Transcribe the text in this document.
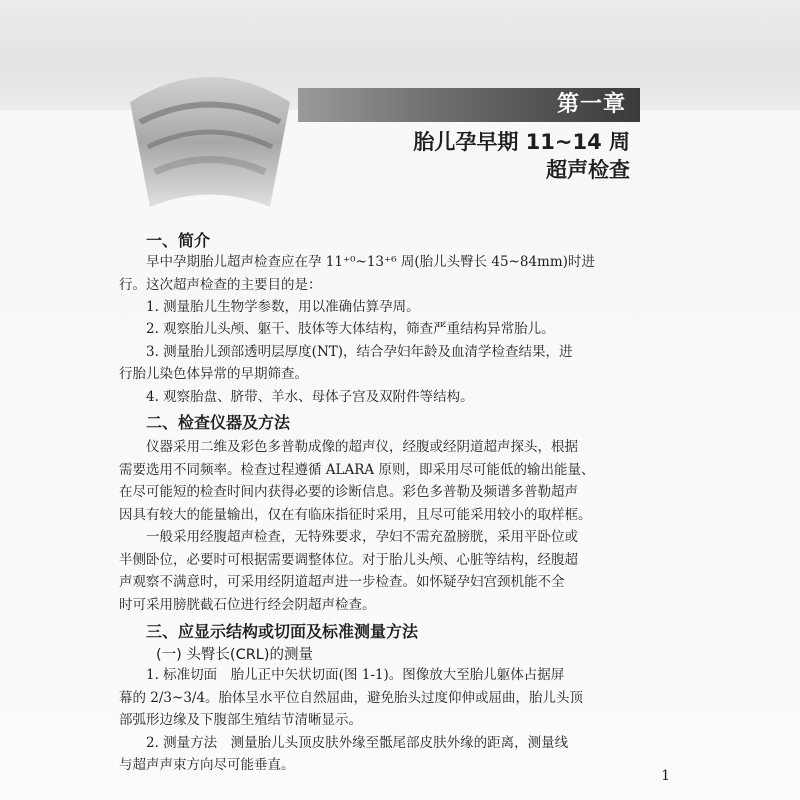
第一章
胎儿孕早期 11~14 周
超声检查
一、简介
早中孕期胎儿超声检查应在孕 11⁺⁰~13⁺⁶ 周(胎儿头臀长 45~84mm)时进
行。这次超声检查的主要目的是：
1. 测量胎儿生物学参数，用以准确估算孕周。
2. 观察胎儿头颅、躯干、肢体等大体结构，筛查严重结构异常胎儿。
3. 测量胎儿颈部透明层厚度(NT)，结合孕妇年龄及血清学检查结果，进
行胎儿染色体异常的早期筛查。
4. 观察胎盘、脐带、羊水、母体子宫及双附件等结构。
二、检查仪器及方法
仪器采用二维及彩色多普勒成像的超声仪，经腹或经阴道超声探头，根据
需要选用不同频率。检查过程遵循 ALARA 原则，即采用尽可能低的输出能量、
在尽可能短的检查时间内获得必要的诊断信息。彩色多普勒及频谱多普勒超声
因具有较大的能量输出，仅在有临床指征时采用，且尽可能采用较小的取样框。
一般采用经腹超声检查，无特殊要求，孕妇不需充盈膀胱，采用平卧位或
半侧卧位，必要时可根据需要调整体位。对于胎儿头颅、心脏等结构，经腹超
声观察不满意时，可采用经阴道超声进一步检查。如怀疑孕妇宫颈机能不全
时可采用膀胱截石位进行经会阴超声检查。
三、应显示结构或切面及标准测量方法
(一) 头臀长(CRL)的测量
1. 标准切面　胎儿正中矢状切面(图 1-1)。图像放大至胎儿躯体占据屏
幕的 2/3~3/4。胎体呈水平位自然屈曲，避免胎头过度仰伸或屈曲，胎儿头顶
部弧形边缘及下腹部生殖结节清晰显示。
2. 测量方法　测量胎儿头顶皮肤外缘至骶尾部皮肤外缘的距离，测量线
与超声声束方向尽可能垂直。
1
